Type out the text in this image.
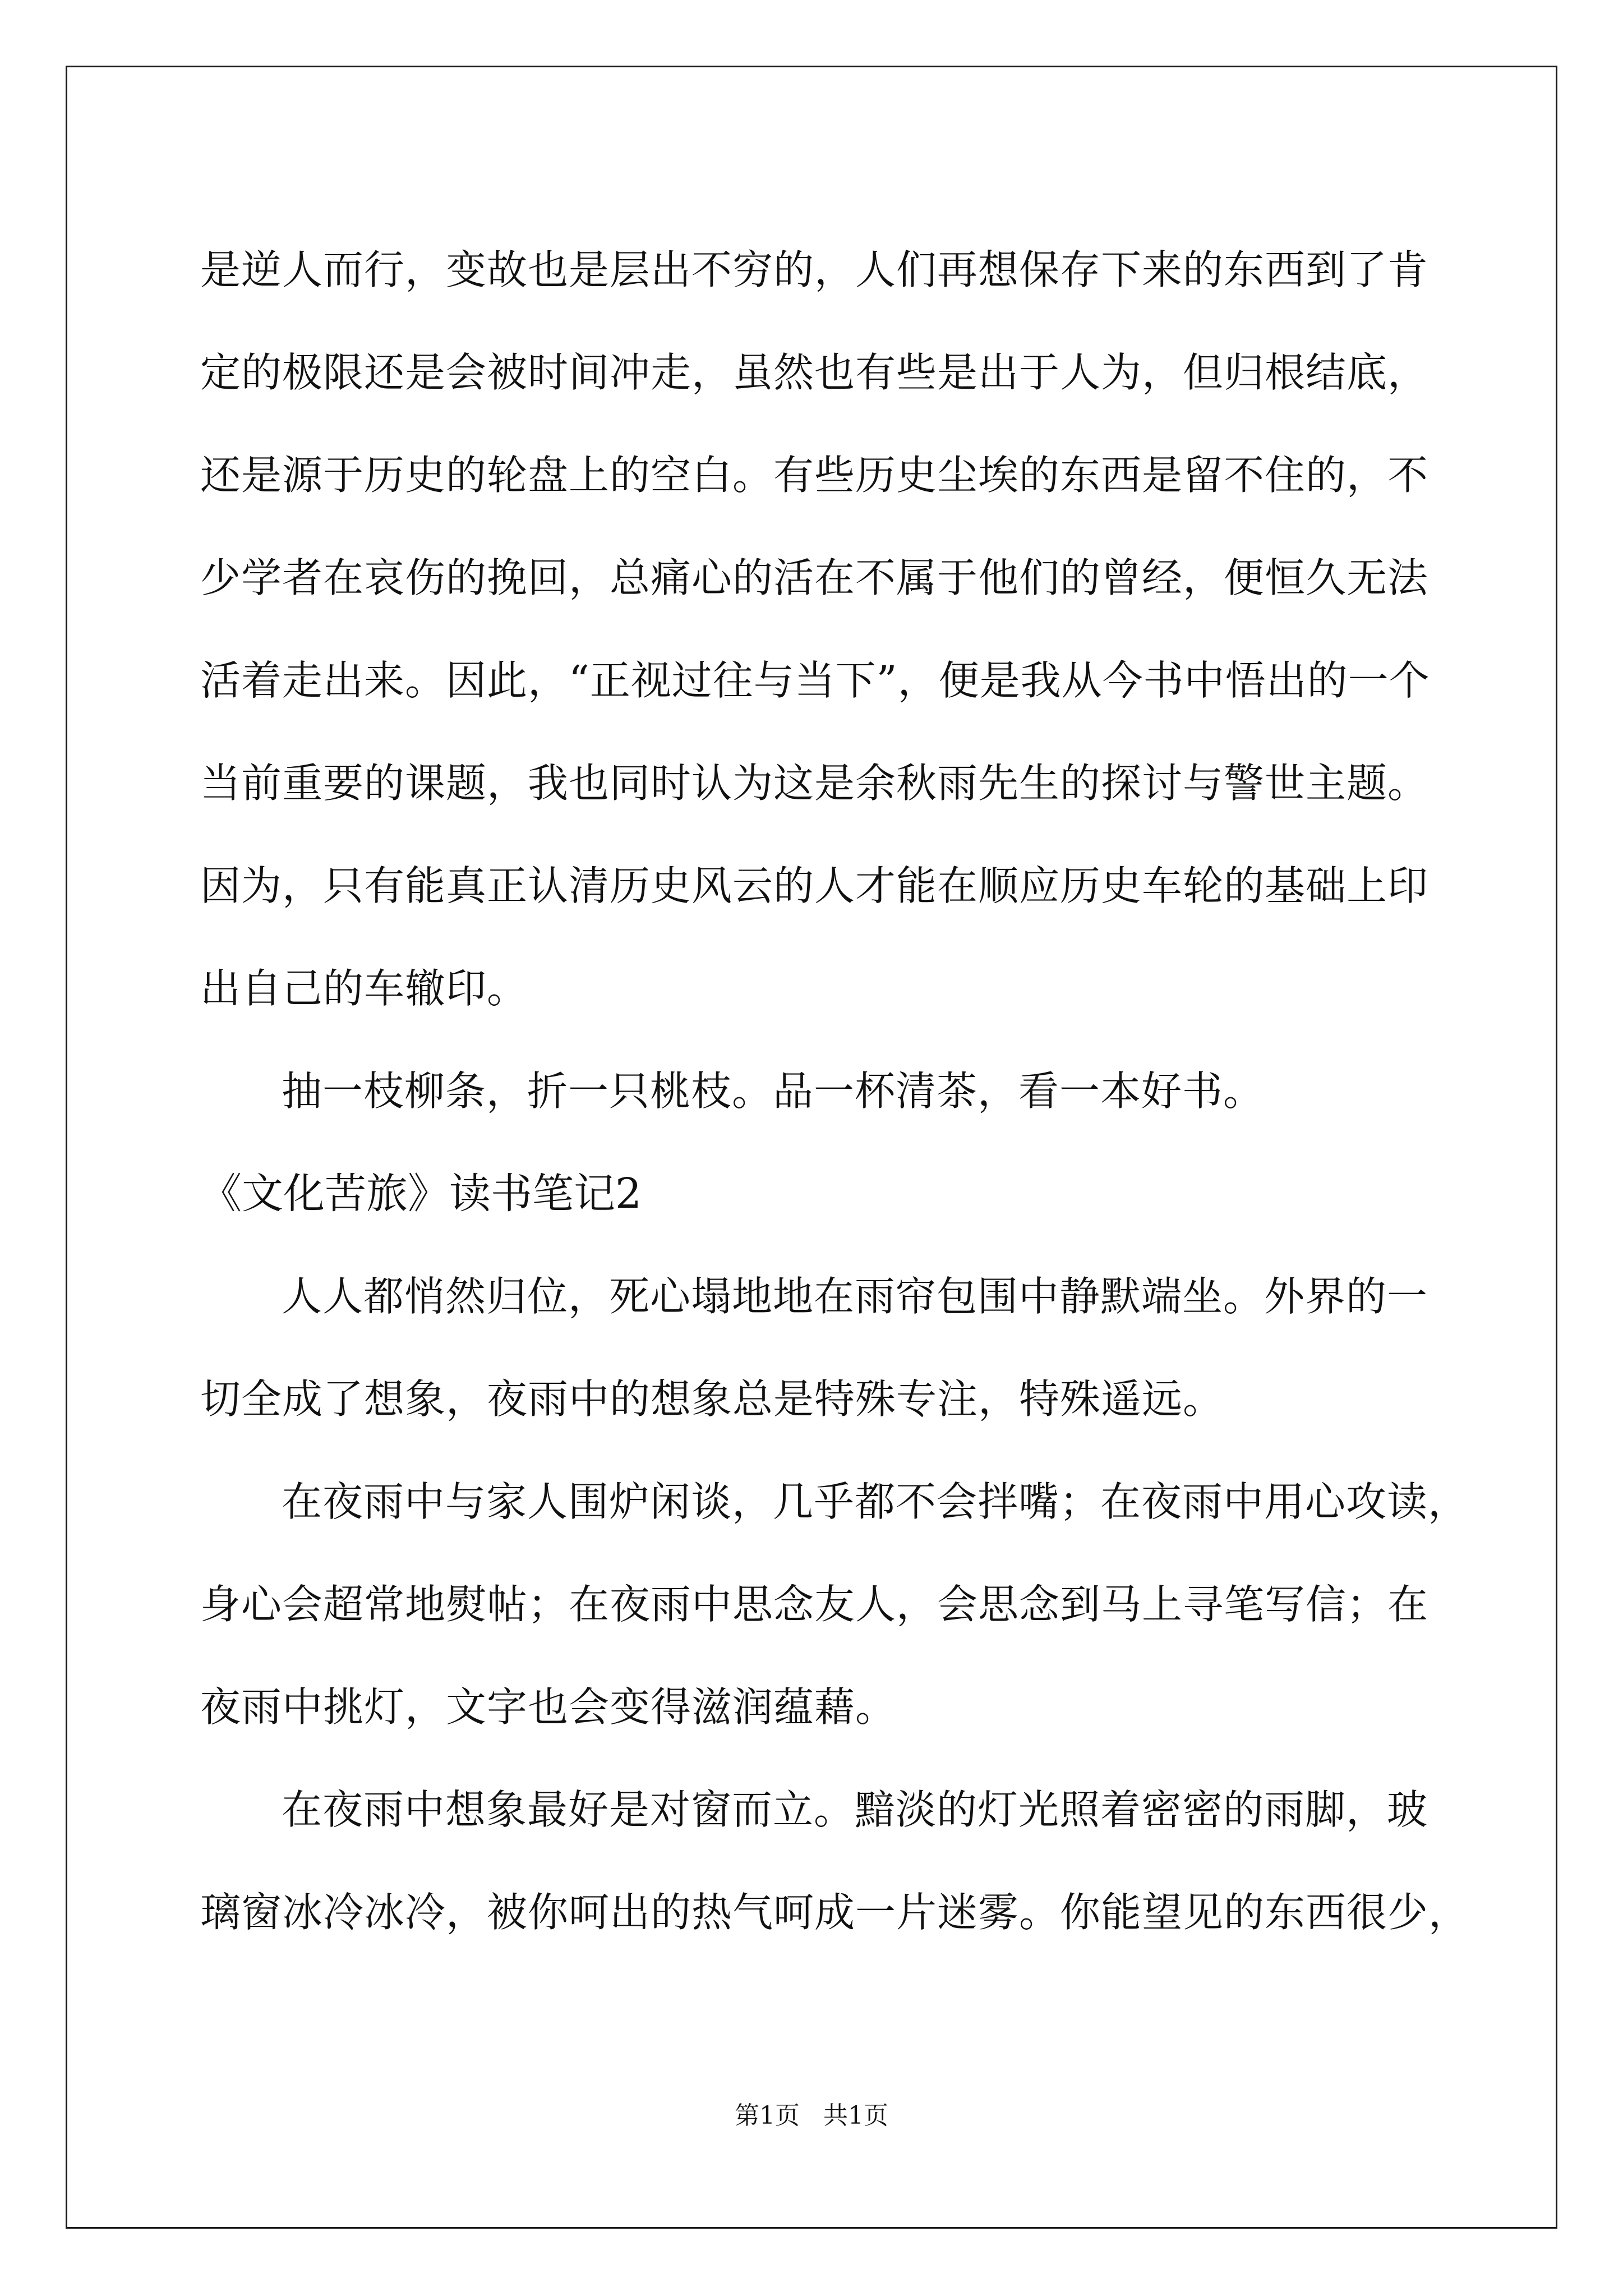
是逆人而行，变故也是层出不穷的，人们再想保存下来的东西到了肯
定的极限还是会被时间冲走，虽然也有些是出于人为，但归根结底，
还是源于历史的轮盘上的空白。有些历史尘埃的东西是留不住的，不
少学者在哀伤的挽回，总痛心的活在不属于他们的曾经，便恒久无法
活着走出来。因此，“正视过往与当下”，便是我从今书中悟出的一个
当前重要的课题，我也同时认为这是余秋雨先生的探讨与警世主题。
因为，只有能真正认清历史风云的人才能在顺应历史车轮的基础上印
出自己的车辙印。
抽一枝柳条，折一只桃枝。品一杯清茶，看一本好书。
《文化苦旅》读书笔记2
人人都悄然归位，死心塌地地在雨帘包围中静默端坐。外界的一
切全成了想象，夜雨中的想象总是特殊专注，特殊遥远。
在夜雨中与家人围炉闲谈，几乎都不会拌嘴；在夜雨中用心攻读，
身心会超常地熨帖；在夜雨中思念友人，会思念到马上寻笔写信；在
夜雨中挑灯，文字也会变得滋润蕴藉。
在夜雨中想象最好是对窗而立。黯淡的灯光照着密密的雨脚，玻
璃窗冰冷冰冷，被你呵出的热气呵成一片迷雾。你能望见的东西很少，
第1页 共1页
